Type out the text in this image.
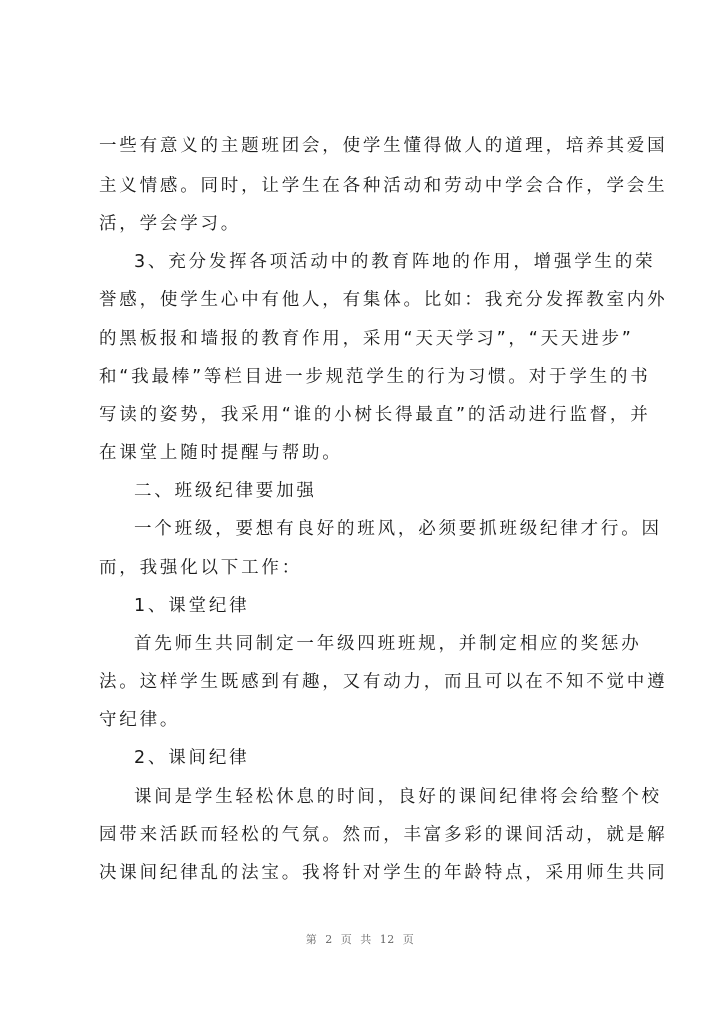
一些有意义的主题班团会，使学生懂得做人的道理，培养其爱国
主义情感。同时，让学生在各种活动和劳动中学会合作，学会生
活，学会学习。
3、充分发挥各项活动中的教育阵地的作用，增强学生的荣
誉感，使学生心中有他人，有集体。比如：我充分发挥教室内外
的黑板报和墙报的教育作用，采用“天天学习”，“天天进步”
和“我最棒”等栏目进一步规范学生的行为习惯。对于学生的书
写读的姿势，我采用“谁的小树长得最直”的活动进行监督，并
在课堂上随时提醒与帮助。
二、班级纪律要加强
一个班级，要想有良好的班风，必须要抓班级纪律才行。因
而，我强化以下工作：
1、课堂纪律
首先师生共同制定一年级四班班规，并制定相应的奖惩办
法。这样学生既感到有趣，又有动力，而且可以在不知不觉中遵
守纪律。
2、课间纪律
课间是学生轻松休息的时间，良好的课间纪律将会给整个校
园带来活跃而轻松的气氛。然而，丰富多彩的课间活动，就是解
决课间纪律乱的法宝。我将针对学生的年龄特点，采用师生共同
第 2 页 共 12 页
